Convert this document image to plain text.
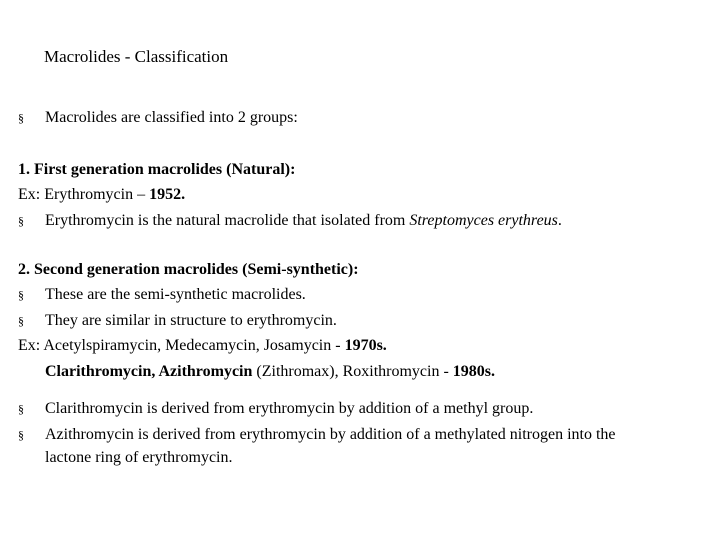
Macrolides - Classification
§ Macrolides are classified into 2 groups:
1. First generation macrolides (Natural):
Ex: Erythromycin – 1952.
§ Erythromycin is the natural macrolide that isolated from Streptomyces erythreus.
2. Second generation macrolides (Semi-synthetic):
§ These are the semi-synthetic macrolides.
§ They are similar in structure to erythromycin.
Ex: Acetylspiramycin, Medecamycin, Josamycin - 1970s.
Clarithromycin, Azithromycin (Zithromax), Roxithromycin - 1980s.
§ Clarithromycin is derived from erythromycin by addition of a methyl group.
§ Azithromycin is derived from erythromycin by addition of a methylated nitrogen into the
lactone ring of erythromycin.
